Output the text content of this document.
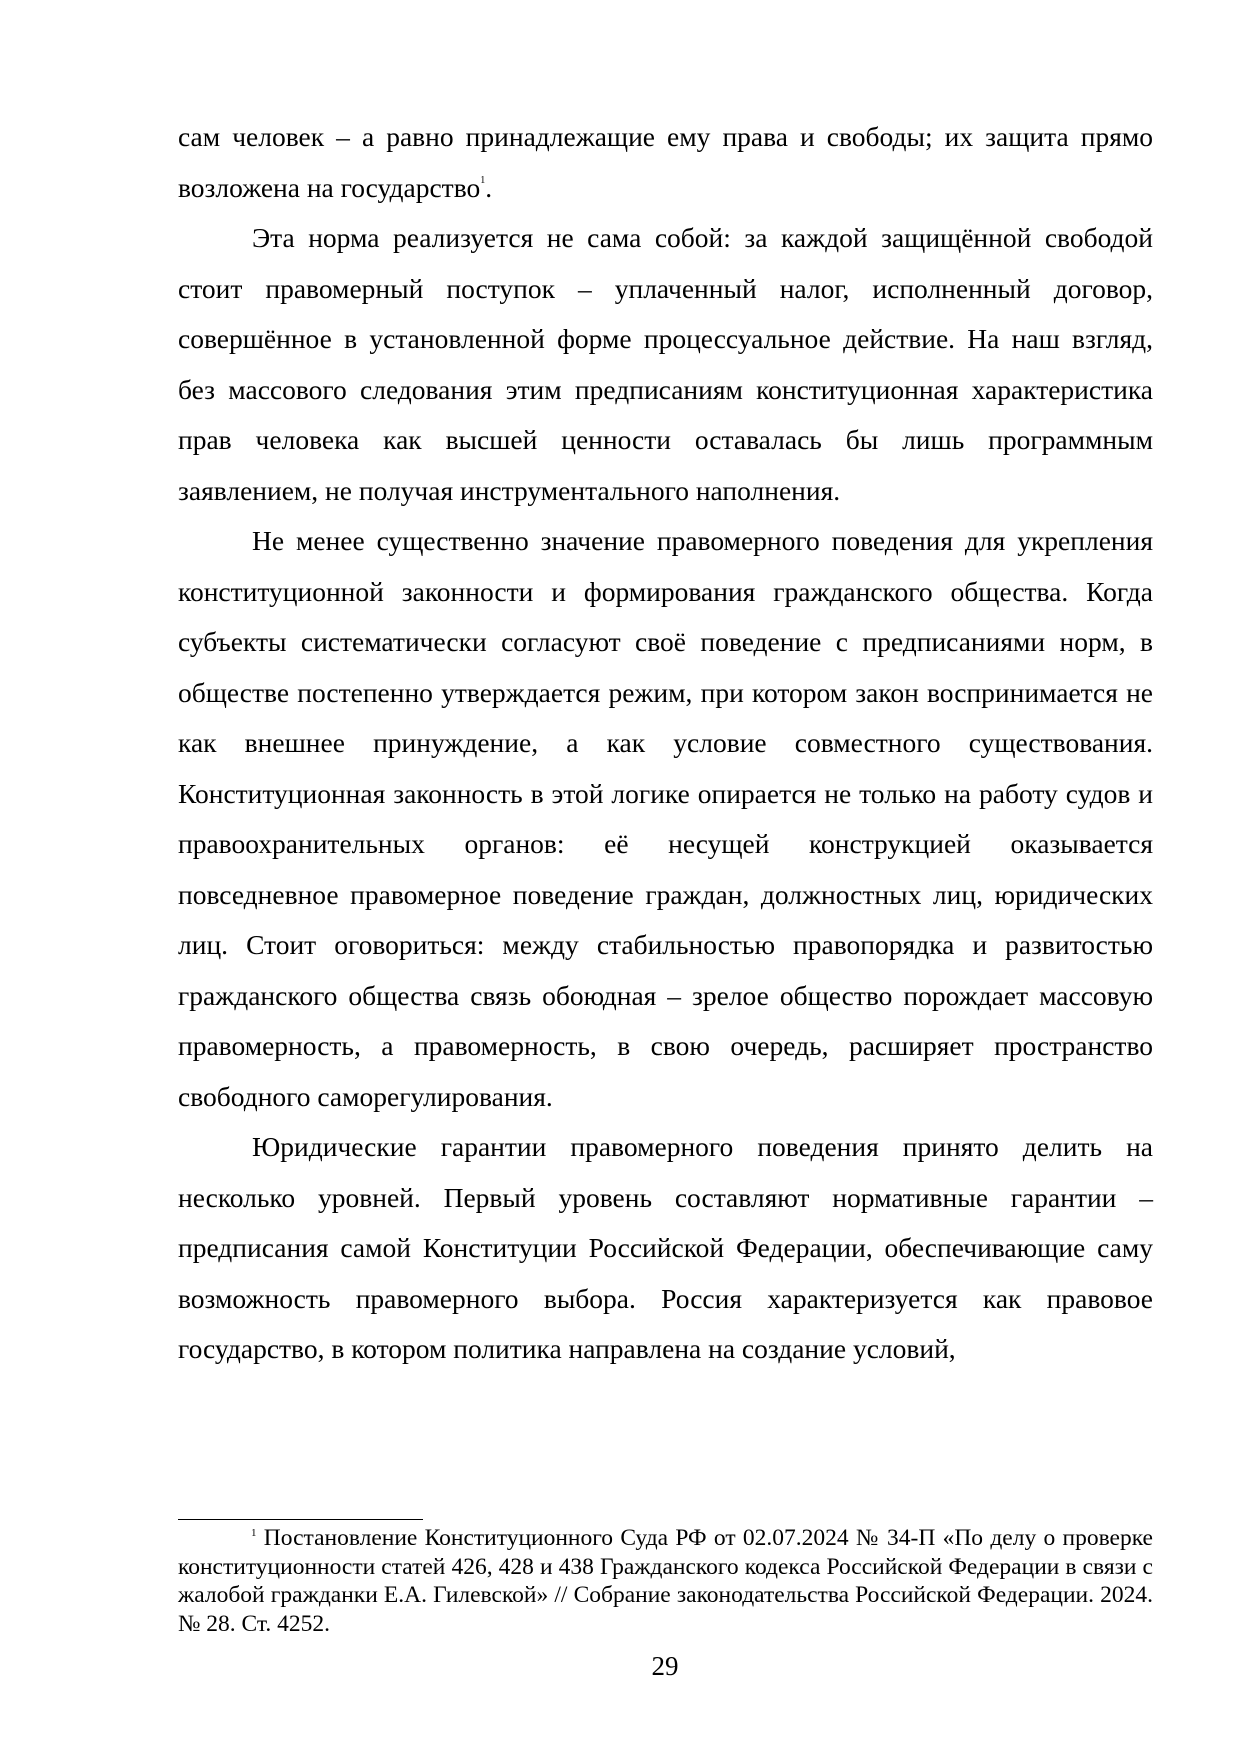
сам человек – а равно принадлежащие ему права и свободы; их защита прямо возложена на государство$^1$.

Эта норма реализуется не сама собой: за каждой защищённой свободой стоит правомерный поступок – уплаченный налог, исполненный договор, совершённое в установленной форме процессуальное действие. На наш взгляд, без массового следования этим предписаниям конституционная характеристика прав человека как высшей ценности оставалась бы лишь программным заявлением, не получая инструментального наполнения.

Не менее существенно значение правомерного поведения для укрепления конституционной законности и формирования гражданского общества. Когда субъекты систематически согласуют своё поведение с предписаниями норм, в обществе постепенно утверждается режим, при котором закон воспринимается не как внешнее принуждение, а как условие совместного существования. Конституционная законность в этой логике опирается не только на работу судов и правоохранительных органов: её несущей конструкцией оказывается повседневное правомерное поведение граждан, должностных лиц, юридических лиц. Стоит оговориться: между стабильностью правопорядка и развитостью гражданского общества связь обоюдная – зрелое общество порождает массовую правомерность, а правомерность, в свою очередь, расширяет пространство свободного саморегулирования.

Юридические гарантии правомерного поведения принято делить на несколько уровней. Первый уровень составляют нормативные гарантии – предписания самой Конституции Российской Федерации, обеспечивающие саму возможность правомерного выбора. Россия характеризуется как правовое государство, в котором политика направлена на создание условий,

$^1$ Постановление Конституционного Суда РФ от 02.07.2024 № 34-П «По делу о проверке конституционности статей 426, 428 и 438 Гражданского кодекса Российской Федерации в связи с жалобой гражданки Е.А. Гилевской» // Собрание законодательства Российской Федерации. 2024. № 28. Ст. 4252.

29
